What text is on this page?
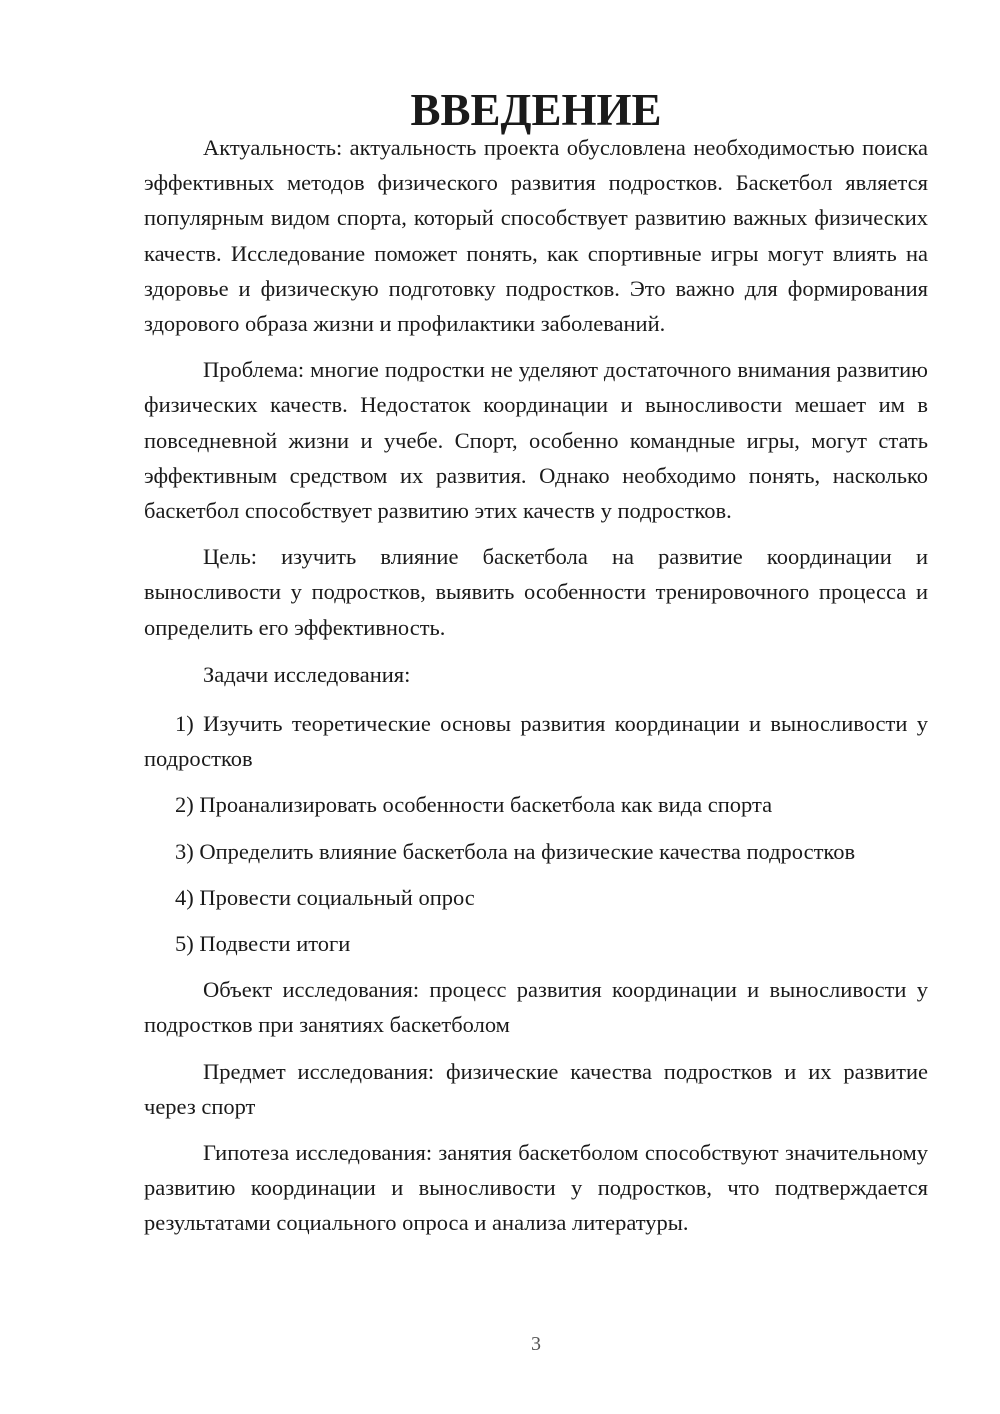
ВВЕДЕНИЕ

Актуальность: актуальность проекта обусловлена необходимостью поиска эффективных методов физического развития подростков. Баскетбол является популярным видом спорта, который способствует развитию важных физических качеств. Исследование поможет понять, как спортивные игры могут влиять на здоровье и физическую подготовку подростков. Это важно для формирования здорового образа жизни и профилактики заболеваний.

Проблема: многие подростки не уделяют достаточного внимания развитию физических качеств. Недостаток координации и выносливости мешает им в повседневной жизни и учебе. Спорт, особенно командные игры, могут стать эффективным средством их развития. Однако необходимо понять, насколько баскетбол способствует развитию этих качеств у подростков.

Цель: изучить влияние баскетбола на развитие координации и выносливости у подростков, выявить особенности тренировочного процесса и определить его эффективность.

Задачи исследования:

1) Изучить теоретические основы развития координации и выносливости у подростков

2) Проанализировать особенности баскетбола как вида спорта

3) Определить влияние баскетбола на физические качества подростков

4) Провести социальный опрос

5) Подвести итоги

Объект исследования: процесс развития координации и выносливости у подростков при занятиях баскетболом

Предмет исследования: физические качества подростков и их развитие через спорт

Гипотеза исследования: занятия баскетболом способствуют значительному развитию координации и выносливости у подростков, что подтверждается результатами социального опроса и анализа литературы.

3
